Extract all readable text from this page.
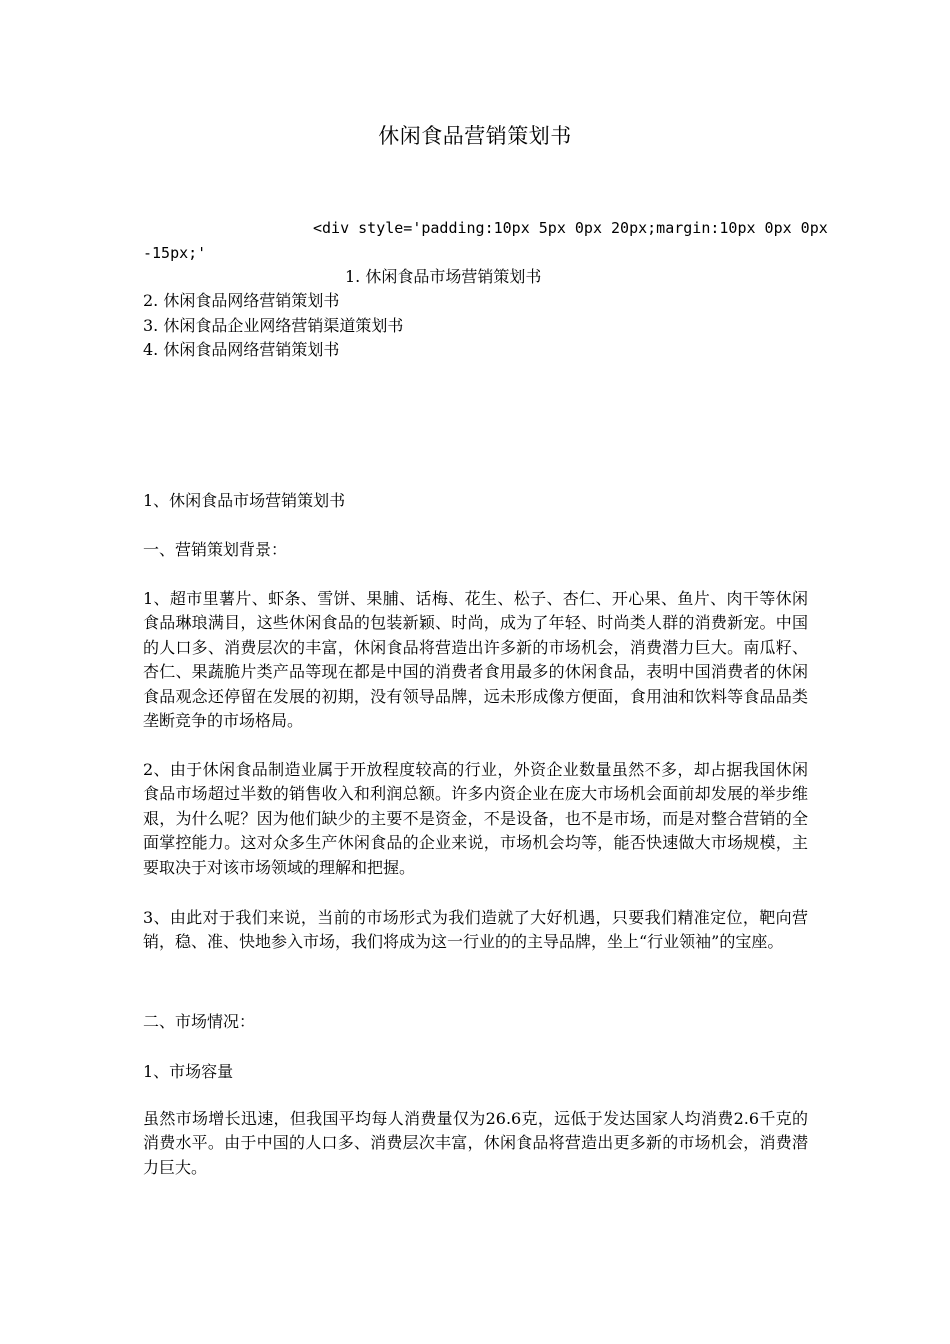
休闲食品营销策划书
<div style='padding:10px 5px 0px 20px;margin:10px 0px 0px
-15px;'
1. 休闲食品市场营销策划书
2. 休闲食品网络营销策划书
3. 休闲食品企业网络营销渠道策划书
4. 休闲食品网络营销策划书
1、休闲食品市场营销策划书
一、营销策划背景：
1、超市里薯片、虾条、雪饼、果脯、话梅、花生、松子、杏仁、开心果、鱼片、肉干等休闲食品琳琅满目，这些休闲食品的包装新颖、时尚，成为了年轻、时尚类人群的消费新宠。中国的人口多、消费层次的丰富，休闲食品将营造出许多新的市场机会，消费潜力巨大。南瓜籽、杏仁、果蔬脆片类产品等现在都是中国的消费者食用最多的休闲食品，表明中国消费者的休闲食品观念还停留在发展的初期，没有领导品牌，远未形成像方便面，食用油和饮料等食品品类垄断竞争的市场格局。
2、由于休闲食品制造业属于开放程度较高的行业，外资企业数量虽然不多，却占据我国休闲食品市场超过半数的销售收入和利润总额。许多内资企业在庞大市场机会面前却发展的举步维艰，为什么呢？因为他们缺少的主要不是资金，不是设备，也不是市场，而是对整合营销的全面掌控能力。这对众多生产休闲食品的企业来说，市场机会均等，能否快速做大市场规模，主要取决于对该市场领域的理解和把握。
3、由此对于我们来说，当前的市场形式为我们造就了大好机遇，只要我们精准定位，靶向营销，稳、准、快地参入市场，我们将成为这一行业的的主导品牌，坐上“行业领袖”的宝座。
二、市场情况：
1、市场容量
虽然市场增长迅速，但我国平均每人消费量仅为26.6克，远低于发达国家人均消费2.6千克的消费水平。由于中国的人口多、消费层次丰富，休闲食品将营造出更多新的市场机会，消费潜力巨大。
